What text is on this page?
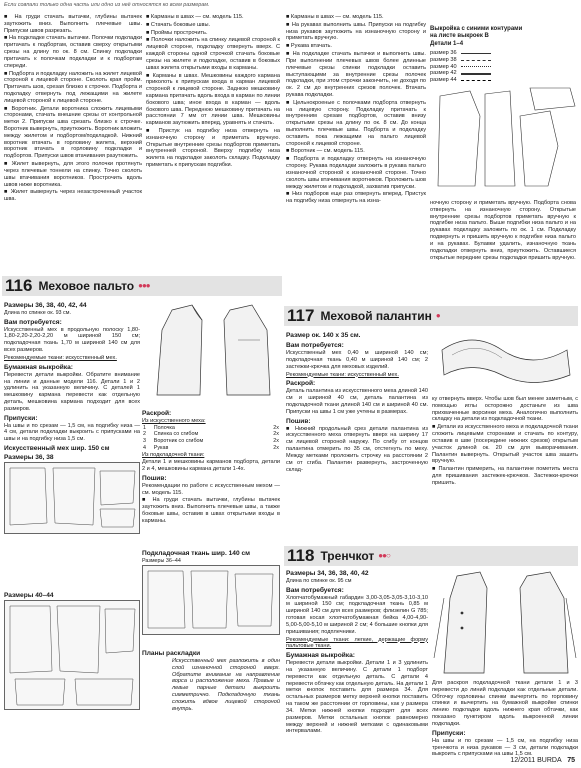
Если совпали только одна часть или одно из неё относятся ко всем размерам.

■ На груди стачать вытачки, глубины вытачек заутюжить вниз. Выполнить плечевые швы. Припуски швов разрезать.

■ На подкладке стачать вытачки. Полочки подкладки притачать к подбортам, оставив сверху открытыми срезы на длину по ок. 8 см. Спинку подкладки притачать к полочкам подкладки и к подбортам спереди.

■ Подборта и подкладку наложить на жилет лицевой стороной к лицевой стороне. Сколоть края пройм. Притачать шов, срезая близко к строчке. Подборта и подкладку отвернуть под лежащими на жилете лицевой стороной к лицевой стороне.

■ Воротник. Детали воротника сложить лицевыми сторонами, стачать внешние срезы от контрольной метки 2. Припуски шва срезать близко к строчке. Воротник вывернуть, приутюжить. Воротник вложить между жилетом и подбортом/подкладкой. Нижний воротник втачать в горловину жилета, верхний воротник втачать в горловину подкладки и подбортов. Припуски швов втачивания разутюжить.

■ Жилет вывернуть, для этого полочки протянуть через плечевые тоннели на спинку. Точно сколоть швы втачивания воротников. Прострочить вдоль швов ниже воротника.

■ Жилет вывернуть через незастроченный участок шва.

■ Карманы в швах — см. модель 115.

■ Стачать боковые швы.

■ Проймы прострочить.

■ Полочки наложить на спинку лицевой стороной к лицевой стороне, подкладку отвернуть вверх. С каждой стороны одной строчкой стачать боковые срезы на жилете и подкладке, оставив в боковых швах жилета открытыми входы в карманы.

■ Карманы в швах. Мешковины каждого кармана приколоть к припускам входа в карман лицевой стороной к лицевой стороне. Заднюю мешковину кармана притачать вдоль входа в карман по линии бокового шва; иное входа в карман — вдоль бокового шва. Переднюю мешковину притачать на расстоянии 7 мм от линии шва. Мешковины карманов заутюжить вперед, уравнять и стачать.

■ Пристук на подгибку низа отвернуть на изнаночную сторону и приметать вручную. Открытые внутренние срезы подбортов приметать внутренней стороной. Вверху подгибку низа жилета на подкладке заколоть складку. Подкладку приметать к припускам подгибки.

■ Карманы в швах — см. модель 115.

■ На рукавах выполнить швы. Припуски на подгибку низа рукавов заутюжить на изнаночную сторону и приметать вручную.

■ Рукава втачать.

■ На подкладке стачать вытачки и выполнить швы. При выполнении плечевых швов более длинные плечевые срезы спинки подкладки оставить выступающими за внутренние срезы полочек подкладки, при этом строчки закончить, не доходя по ок. 2 см до внутренних срезов полочек. Втачать рукава подкладки.

■ Цельнокроеные с полочками подборта отвернуть на лицевую сторону. Подкладку притачать к внутренним срезам подбортов, оставив внизу открытыми срезы на длину по ок. 8 см. До конца выполнить плечевые швы. Подборта и подкладку оставить пока лежащими на пальто лицевой стороной к лицевой стороне.

■ Воротник — см. модель 115.

■ Подборта и подкладку отвернуть на изнаночную сторону. Рукава подкладки заложить в рукава пальто изнаночной стороной к изнаночной стороне. Точно сколоть швы втачивания воротников. Проложить шов между жилетом и подкладкой, захватив припуски.

■ Низ подборов еще раз отвернуть вперед. Пристук на подгибку низа отвернуть на изна-

Выкройка с синими контурами на листе выкроек В
Детали 1–4
размер 36
размер 38
размер 40
размер 42
размер 44

ночную сторону и приметать вручную. Подборта снова отвернуть на изнаночную сторону. Открытые внутренние срезы подбортов приметать вручную к подгибке низа пальто. Выше подгибки низа пальто и на рукавах подкладку заложить по ок. 1 см. Подкладку подвернуть и пришить вручную к подгибке низа пальто и на рукавах. Булавки удалить, изнаночную ткань подкладки отвернуть вниз, приутюжить. Оставшиеся открытые передние срезы подкладки пришить вручную.

116 Меховое пальто ●●●
Размеры 36, 38, 40, 42, 44
Длина по спинке ок. 93 см.
Вам потребуется:

Искусственный мех в продольную полоску 1,80-1,80-2,20-2,20-2,20 м шириной 150 см; подкладочная ткань 1,70 м шириной 140 см для всех размеров.

Рекомендуемые ткани: искусственный мех.

Бумажная выкройка:

Перевести детали выкройки. Обратите внимание на линии и данные модели 116. Детали 1 и 2 удлинить на указанную величину. С деталей 1 мешковину кармана перевести как отдельную деталь, мешковина кармана подходит для всех размеров.

Припуски:

На швы и по срезам — 1,5 см, на подгибку низа — 4 см, детали подкладки выкроить с припусками на швы и на подгибку низа 1,5 см.

Искусственный мех шир. 150 см
Размеры 36, 38
Размеры 40–44
Раскрой:
Из искусственного меха:
1	Полочка	2x
2	Спинка со сгибом	2x
3	Воротник со сгибом	2x
4	Рукав	2x
Из подкладочной ткани:

Детали 1 и мешковины карманов подборта, детали 2 и 4, мешковины кармана детали 1-4x.

Пошив:

Рекомендации по работе с искусственным мехом — см. модель 115.

■ На груди стачать вытачки, глубины вытачек заутюжить вниз. Выполнить плечевые швы, а также боковые швы, оставив в швах открытыми входы в карманы.

Подкладочная ткань шир. 140 см
Размеры 36–44
Планы раскладки

Искусственный мех разложить в один слой изнаночной стороной вверх. Обратите внимание на направление ворса и расположение меха. Правые и левые парные детали выкроить симметрично. Подкладочную ткань сложить вдвое лицевой стороной внутрь.

117 Меховой палантин ●
Размер ок. 140 х 35 см.
Вам потребуется:

Искусственный мех 0,40 м шириной 140 см; подкладочная ткань 0,40 м шириной 140 см; 2 застежки-крючка для меховых изделий.

Рекомендуемые ткани: искусственный мех.

Раскрой:

Деталь палантина из искусственного меха длиной 140 см и шириной 40 см, деталь палантина из подкладочной ткани длиной 140 см и шириной 40 см. Припуски на швы 1 см уже учтены в размерах.

Пошив:

■ Нижний продольный срез детали палантина из искусственного меха отвернуть вверх на ширину 17 см лицевой стороной наружу. По сгибу от концов палантина отмерить по 35 см, отстегнуть по меху. Между метками проложить строчку на расстоянии 2 см от сгиба. Палантин развернуть, застроченную склад-

ку отвернуть вверх. Чтобы шов был менее заметным, с помощью иглы осторожно достаньте из шва прихваченные ворсинки меха. Аналогично выполнить складку на детали из подкладочной ткани.

■ Детали из искусственного меха и подкладочной ткани сложить лицевыми сторонами и стачать по контуру, оставив в шве (посередине нижних срезов) открытым участок длиной ок. 20 см для выворачивания. Палантин вывернуть. Открытый участок шва зашить вручную.

■ Палантин примерить, на палантине пометить места для пришивания застежек-крючков. Застежки-крючки пришить.

118 Тренчкот ●●○
Размеры 34, 36, 38, 40, 42
Длина по спинке ок. 95 см
Вам потребуется:

Хлопчатобумажный габардин 3,00-3,05-3,05-3,10-3,10 м шириной 150 см; подкладочная ткань 0,85 м шириной 140 см для всех размеров; флизелин G 785; готовая косая хлопчатобумажная бейка 4,00-4,90-5,00-5,00-5,10 м шириной 2 см; 4 большие кнопки для пришивания; подплечники.

Рекомендуемые ткани: легкие, держащие форму пальтовые ткани.

Бумажная выкройка:

Перевести детали выкройки. Детали 1 и 3 удлинить на указанную величину. С детали 1 подборт перевести как отдельную деталь. С детали 4 перевести обтачку как отдельную деталь. На детали 1 метки кнопок поставить для размера 34. Для остальных размеров метку верхней кнопки поставить на таком же расстоянии от горловины, как у размера 34. Метки нижней кнопки подходят для всех размеров. Метки остальных кнопок равномерно между верхней и нижней метками с одинаковыми интервалами.

Для раскроя подкладочной ткани детали 1 и 3 перевести до линий подкладки как отдельные детали. Обточку горловины спинки вычертить по горловину спинки и вычертить на бумажной выкройке спинки линию подкладки вдоль нижнего края обтачки, как показано пунктиром вдоль выкроенной линии подкладки.

Припуски:

На швы и по срезам — 1,5 см, на подгибку низа тренчкота и низа рукавов — 3 см, детали подкладки выкроить с припусками на швы 1,5 см.

12/2011 BURDA 75
